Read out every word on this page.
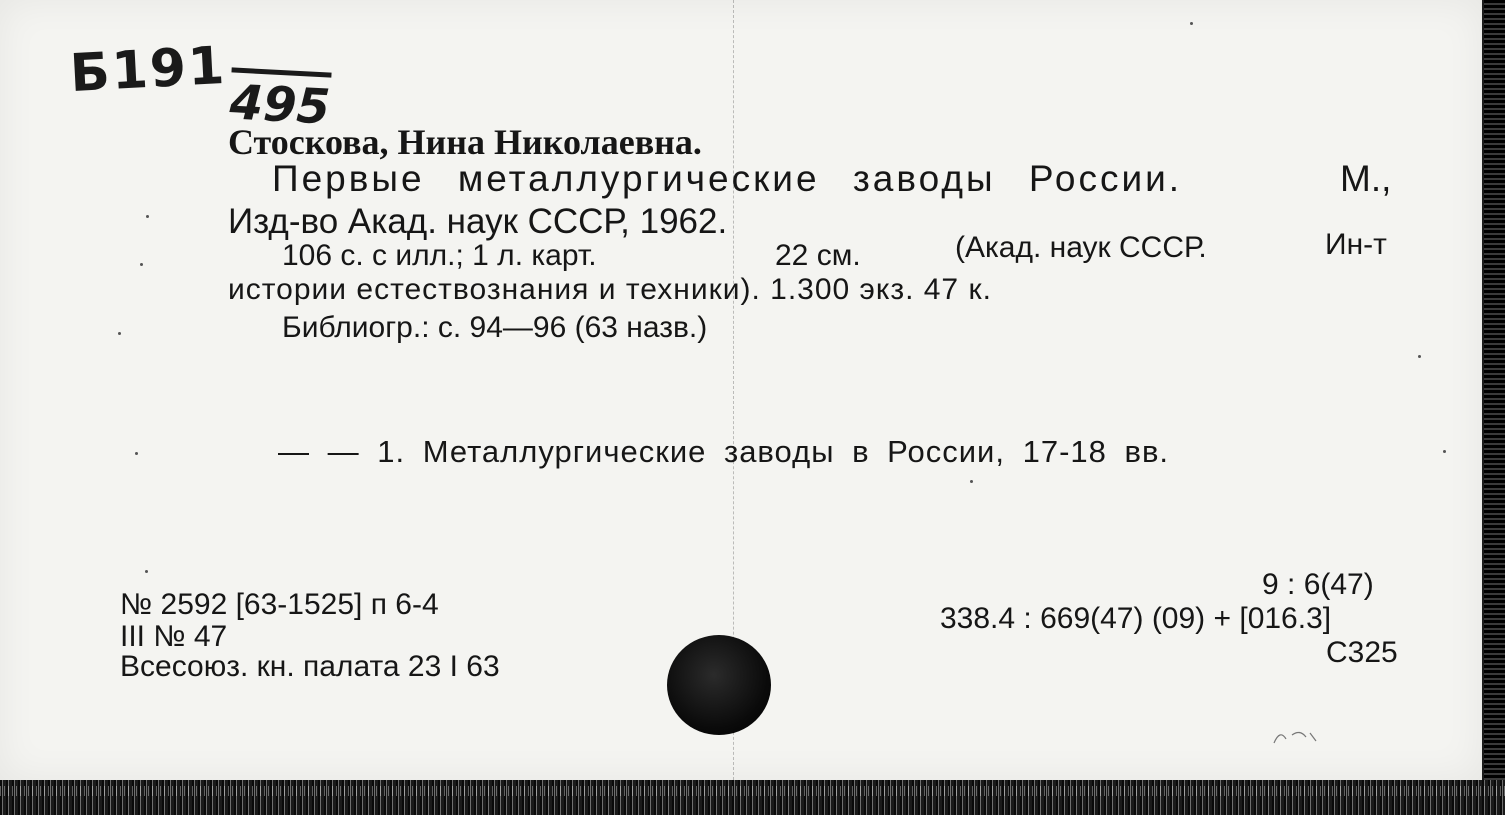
Б191
495
Стоскова, Нина Николаевна.
Первые металлургические заводы России.	М.,
Изд-во Акад. наук СССР, 1962.
106 с. с илл.; 1 л. карт.	22 см.	(Акад. наук СССР.	Ин-т
истории естествознания и техники). 1.300 экз. 47 к.
Библиогр.: с. 94—96 (63 назв.)
— — 1. Металлургические заводы в России, 17-18 вв.
№ 2592 [63-1525] п 6-4
III № 47
Всесоюз. кн. палата 23 I 63
9 : 6(47)
338.4 : 669(47) (09) + [016.3]
С325
